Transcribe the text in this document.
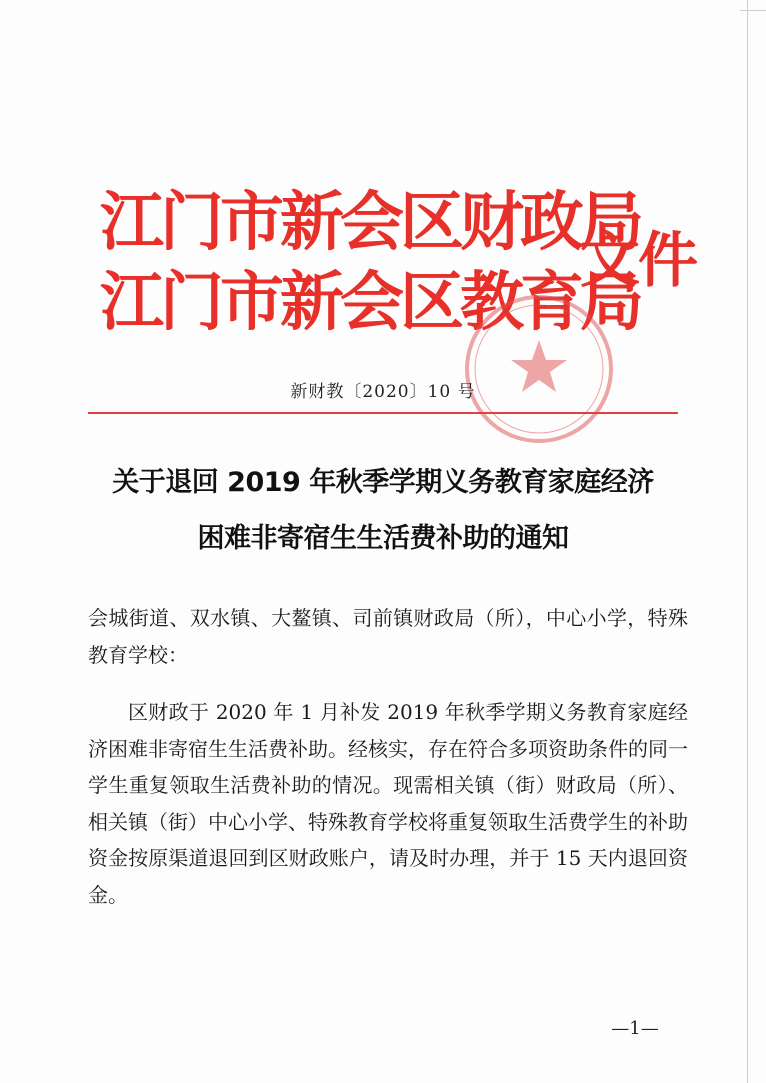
江门市新会区财政局
江门市新会区教育局
文件
新财教〔2020〕10 号
关于退回 2019 年秋季学期义务教育家庭经济
困难非寄宿生生活费补助的通知
会城街道、双水镇、大鳌镇、司前镇财政局（所），中心小学，特殊教育学校：
区财政于 2020 年 1 月补发 2019 年秋季学期义务教育家庭经济困难非寄宿生生活费补助。经核实，存在符合多项资助条件的同一学生重复领取生活费补助的情况。现需相关镇（街）财政局（所）、相关镇（街）中心小学、特殊教育学校将重复领取生活费学生的补助资金按原渠道退回到区财政账户，请及时办理，并于 15 天内退回资金。
—1—
